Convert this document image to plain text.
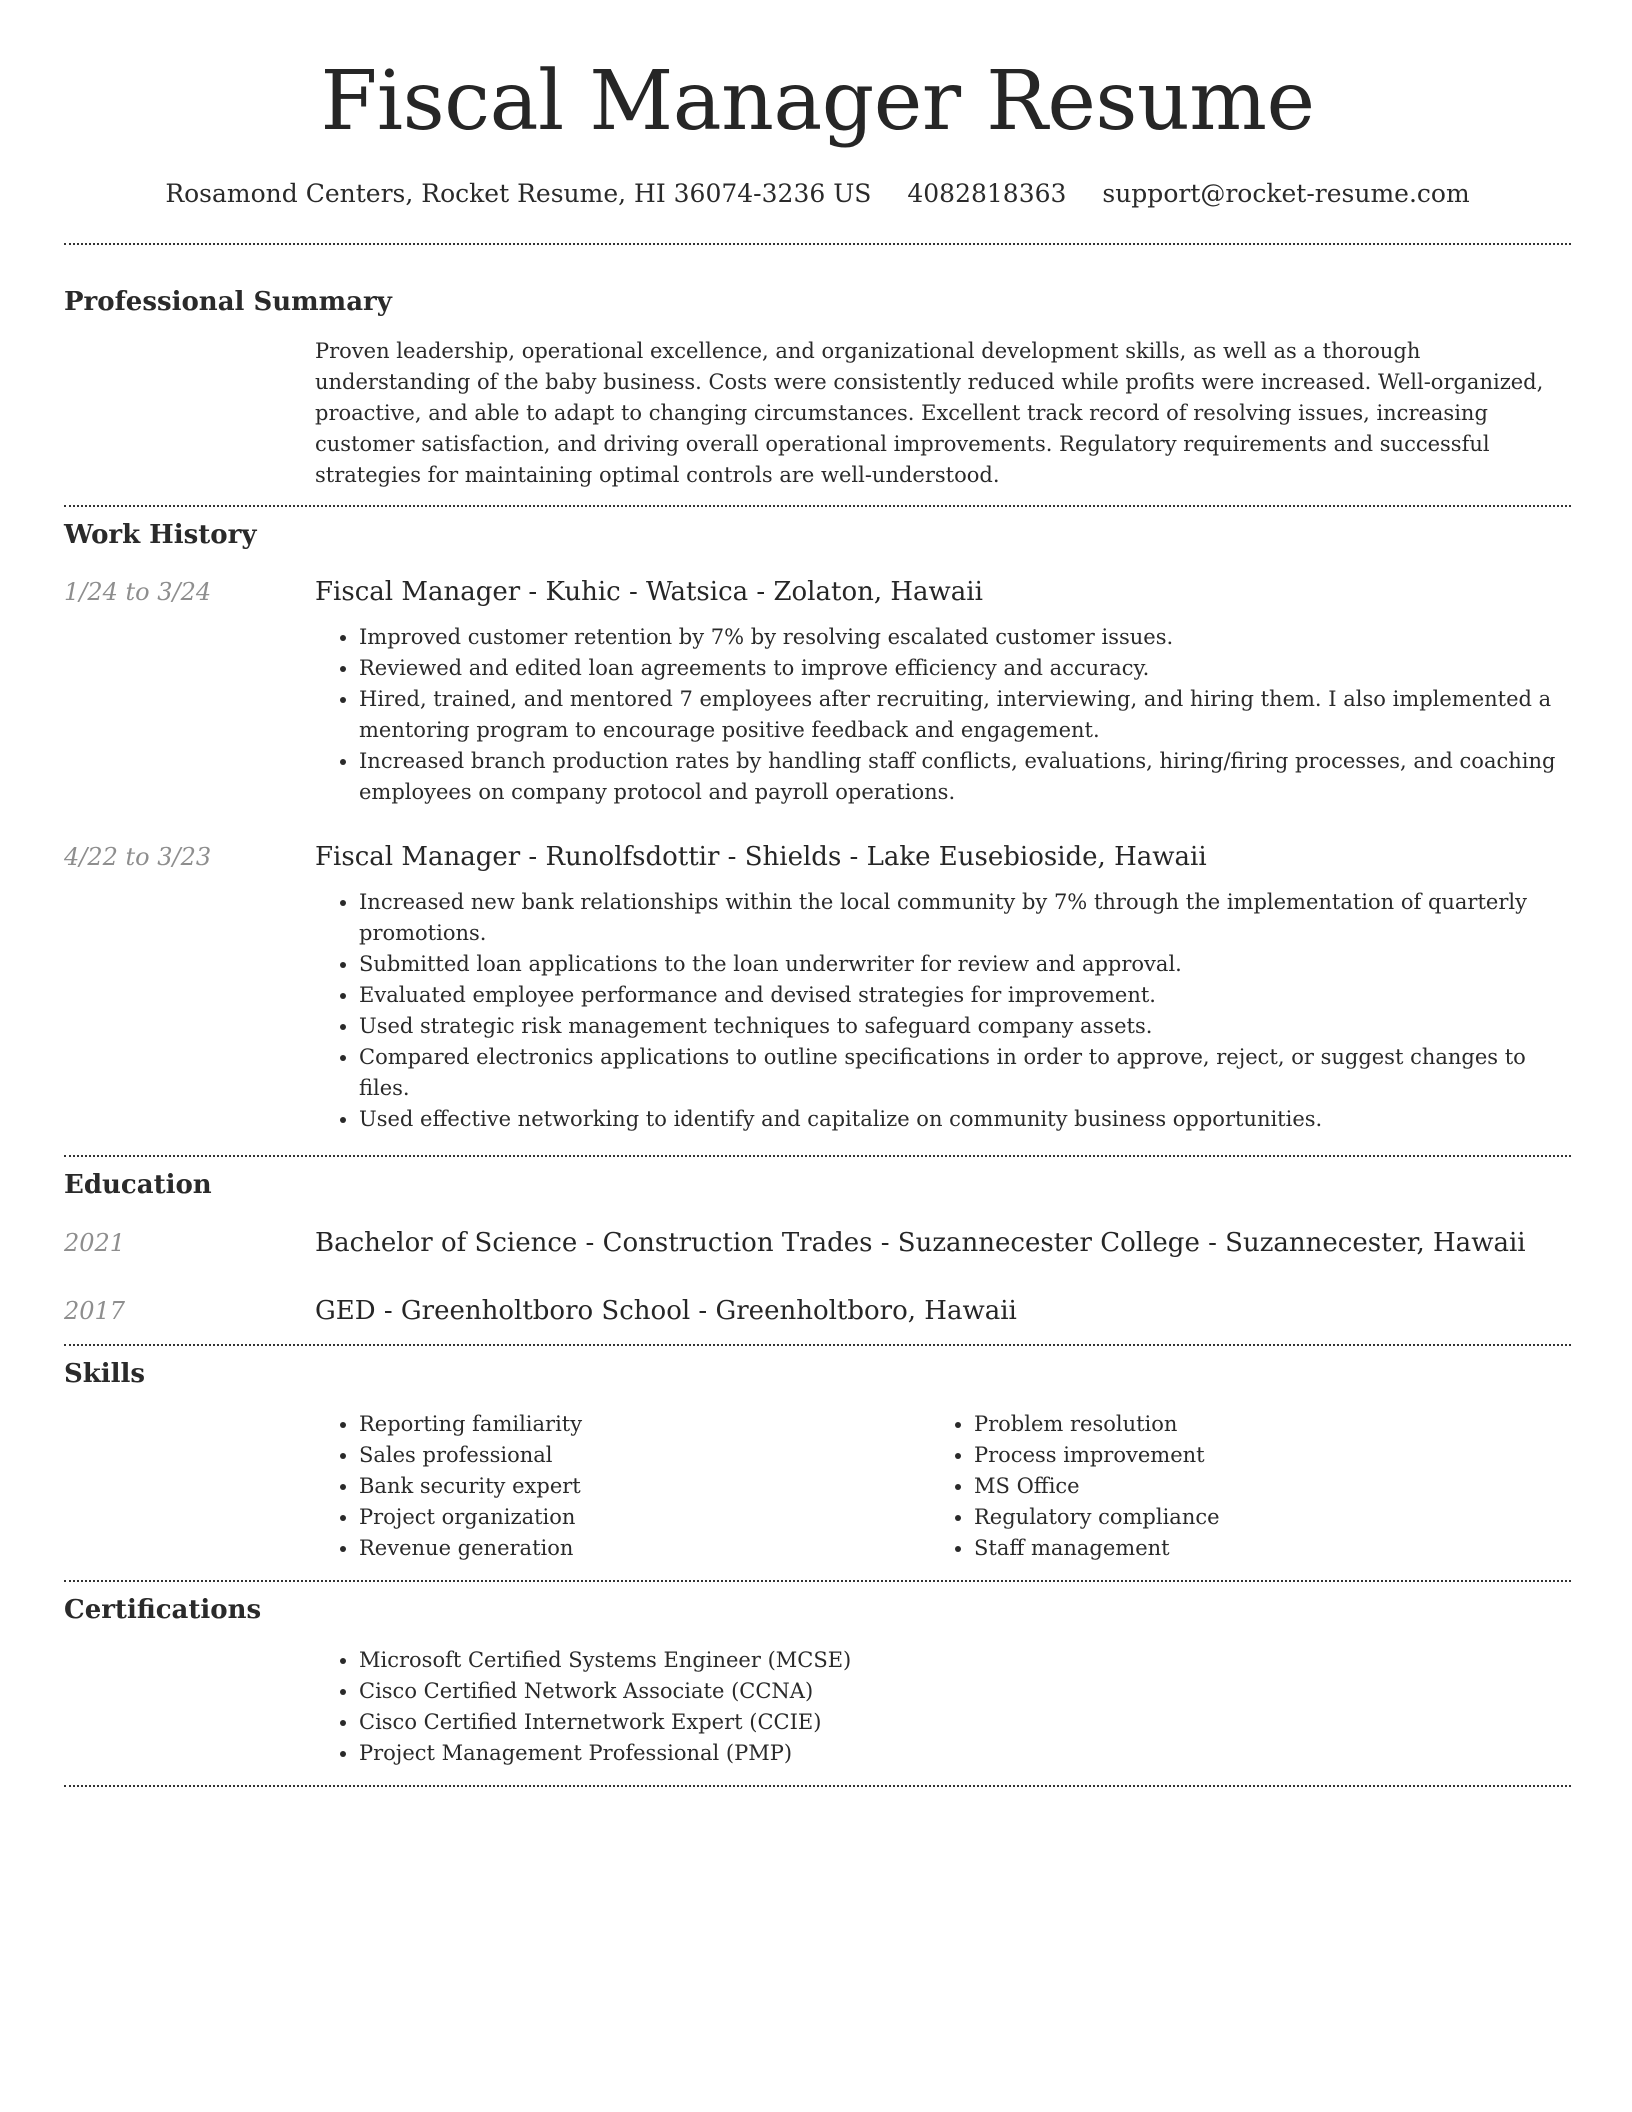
Fiscal Manager Resume
Rosamond Centers, Rocket Resume, HI 36074-3236 US 4082818363 support@rocket-resume.com
Professional Summary

Proven leadership, operational excellence, and organizational development skills, as well as a thorough understanding of the baby business. Costs were consistently reduced while profits were increased. Well-organized, proactive, and able to adapt to changing circumstances. Excellent track record of resolving issues, increasing customer satisfaction, and driving overall operational improvements. Regulatory requirements and successful strategies for maintaining optimal controls are well-understood.

Work History
1/24 to 3/24	Fiscal Manager - Kuhic - Watsica - Zolaton, Hawaii
• Improved customer retention by 7% by resolving escalated customer issues.
• Reviewed and edited loan agreements to improve efficiency and accuracy.
• Hired, trained, and mentored 7 employees after recruiting, interviewing, and hiring them. I also implemented a mentoring program to encourage positive feedback and engagement.
• Increased branch production rates by handling staff conflicts, evaluations, hiring/firing processes, and coaching employees on company protocol and payroll operations.
4/22 to 3/23	Fiscal Manager - Runolfsdottir - Shields - Lake Eusebioside, Hawaii
• Increased new bank relationships within the local community by 7% through the implementation of quarterly promotions.
• Submitted loan applications to the loan underwriter for review and approval.
• Evaluated employee performance and devised strategies for improvement.
• Used strategic risk management techniques to safeguard company assets.
• Compared electronics applications to outline specifications in order to approve, reject, or suggest changes to files.
• Used effective networking to identify and capitalize on community business opportunities.
Education
2021	Bachelor of Science - Construction Trades - Suzannecester College - Suzannecester, Hawaii
2017	GED - Greenholtboro School - Greenholtboro, Hawaii
Skills
• Reporting familiarity
• Sales professional
• Bank security expert
• Project organization
• Revenue generation
• Problem resolution
• Process improvement
• MS Office
• Regulatory compliance
• Staff management
Certifications
• Microsoft Certified Systems Engineer (MCSE)
• Cisco Certified Network Associate (CCNA)
• Cisco Certified Internetwork Expert (CCIE)
• Project Management Professional (PMP)
